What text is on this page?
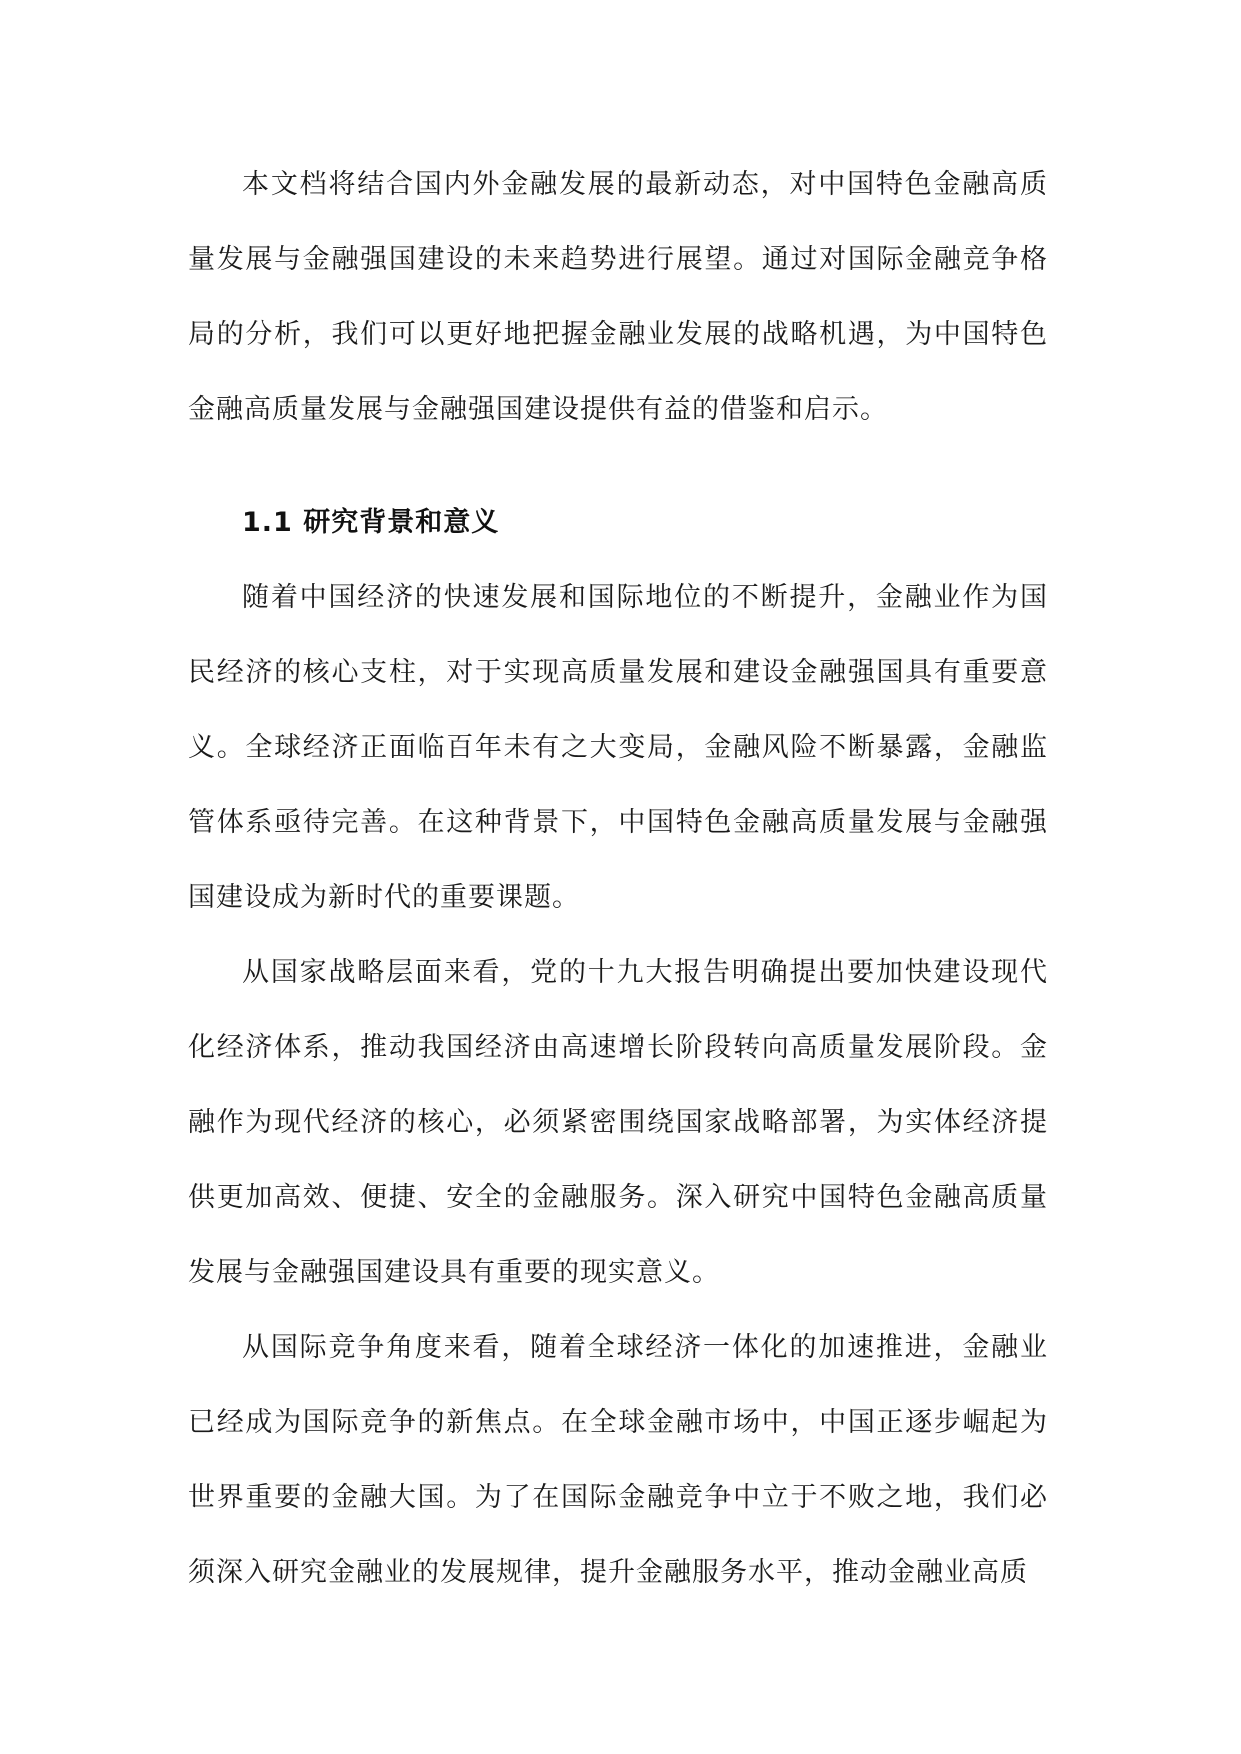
本文档将结合国内外金融发展的最新动态，对中国特色金融高质量发展与金融强国建设的未来趋势进行展望。通过对国际金融竞争格局的分析，我们可以更好地把握金融业发展的战略机遇，为中国特色金融高质量发展与金融强国建设提供有益的借鉴和启示。

1.1 研究背景和意义

随着中国经济的快速发展和国际地位的不断提升，金融业作为国民经济的核心支柱，对于实现高质量发展和建设金融强国具有重要意义。全球经济正面临百年未有之大变局，金融风险不断暴露，金融监管体系亟待完善。在这种背景下，中国特色金融高质量发展与金融强国建设成为新时代的重要课题。

从国家战略层面来看，党的十九大报告明确提出要加快建设现代化经济体系，推动我国经济由高速增长阶段转向高质量发展阶段。金融作为现代经济的核心，必须紧密围绕国家战略部署，为实体经济提供更加高效、便捷、安全的金融服务。深入研究中国特色金融高质量发展与金融强国建设具有重要的现实意义。

从国际竞争角度来看，随着全球经济一体化的加速推进，金融业已经成为国际竞争的新焦点。在全球金融市场中，中国正逐步崛起为世界重要的金融大国。为了在国际金融竞争中立于不败之地，我们必须深入研究金融业的发展规律，提升金融服务水平，推动金融业高质
